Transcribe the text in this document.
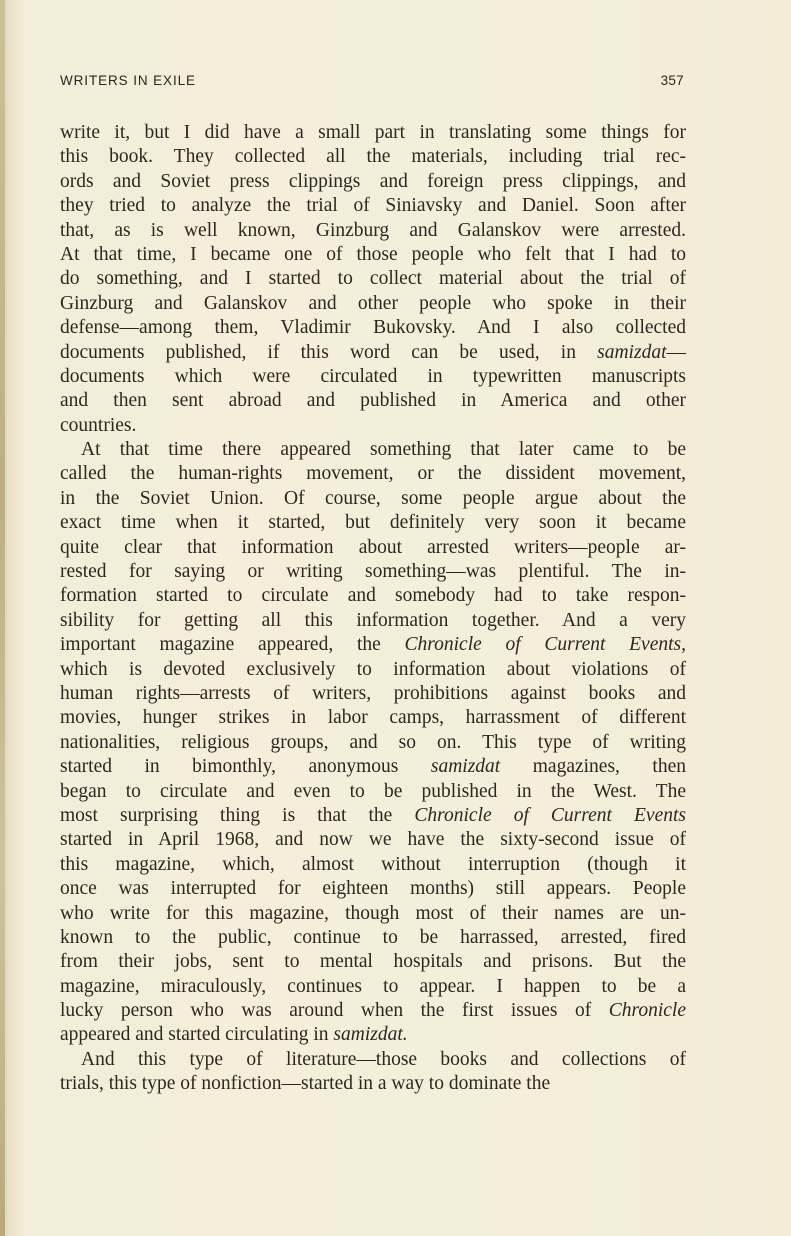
WRITERS IN EXILE	357
write it, but I did have a small part in translating some things for
this book. They collected all the materials, including trial rec-
ords and Soviet press clippings and foreign press clippings, and
they tried to analyze the trial of Siniavsky and Daniel. Soon after
that, as is well known, Ginzburg and Galanskov were arrested.
At that time, I became one of those people who felt that I had to
do something, and I started to collect material about the trial of
Ginzburg and Galanskov and other people who spoke in their
defense—among them, Vladimir Bukovsky. And I also collected
documents published, if this word can be used, in samizdat—
documents which were circulated in typewritten manuscripts
and then sent abroad and published in America and other
countries.
At that time there appeared something that later came to be
called the human-rights movement, or the dissident movement,
in the Soviet Union. Of course, some people argue about the
exact time when it started, but definitely very soon it became
quite clear that information about arrested writers—people ar-
rested for saying or writing something—was plentiful. The in-
formation started to circulate and somebody had to take respon-
sibility for getting all this information together. And a very
important magazine appeared, the Chronicle of Current Events,
which is devoted exclusively to information about violations of
human rights—arrests of writers, prohibitions against books and
movies, hunger strikes in labor camps, harrassment of different
nationalities, religious groups, and so on. This type of writing
started in bimonthly, anonymous samizdat magazines, then
began to circulate and even to be published in the West. The
most surprising thing is that the Chronicle of Current Events
started in April 1968, and now we have the sixty-second issue of
this magazine, which, almost without interruption (though it
once was interrupted for eighteen months) still appears. People
who write for this magazine, though most of their names are un-
known to the public, continue to be harrassed, arrested, fired
from their jobs, sent to mental hospitals and prisons. But the
magazine, miraculously, continues to appear. I happen to be a
lucky person who was around when the first issues of Chronicle
appeared and started circulating in samizdat.
And this type of literature—those books and collections of
trials, this type of nonfiction—started in a way to dominate the
